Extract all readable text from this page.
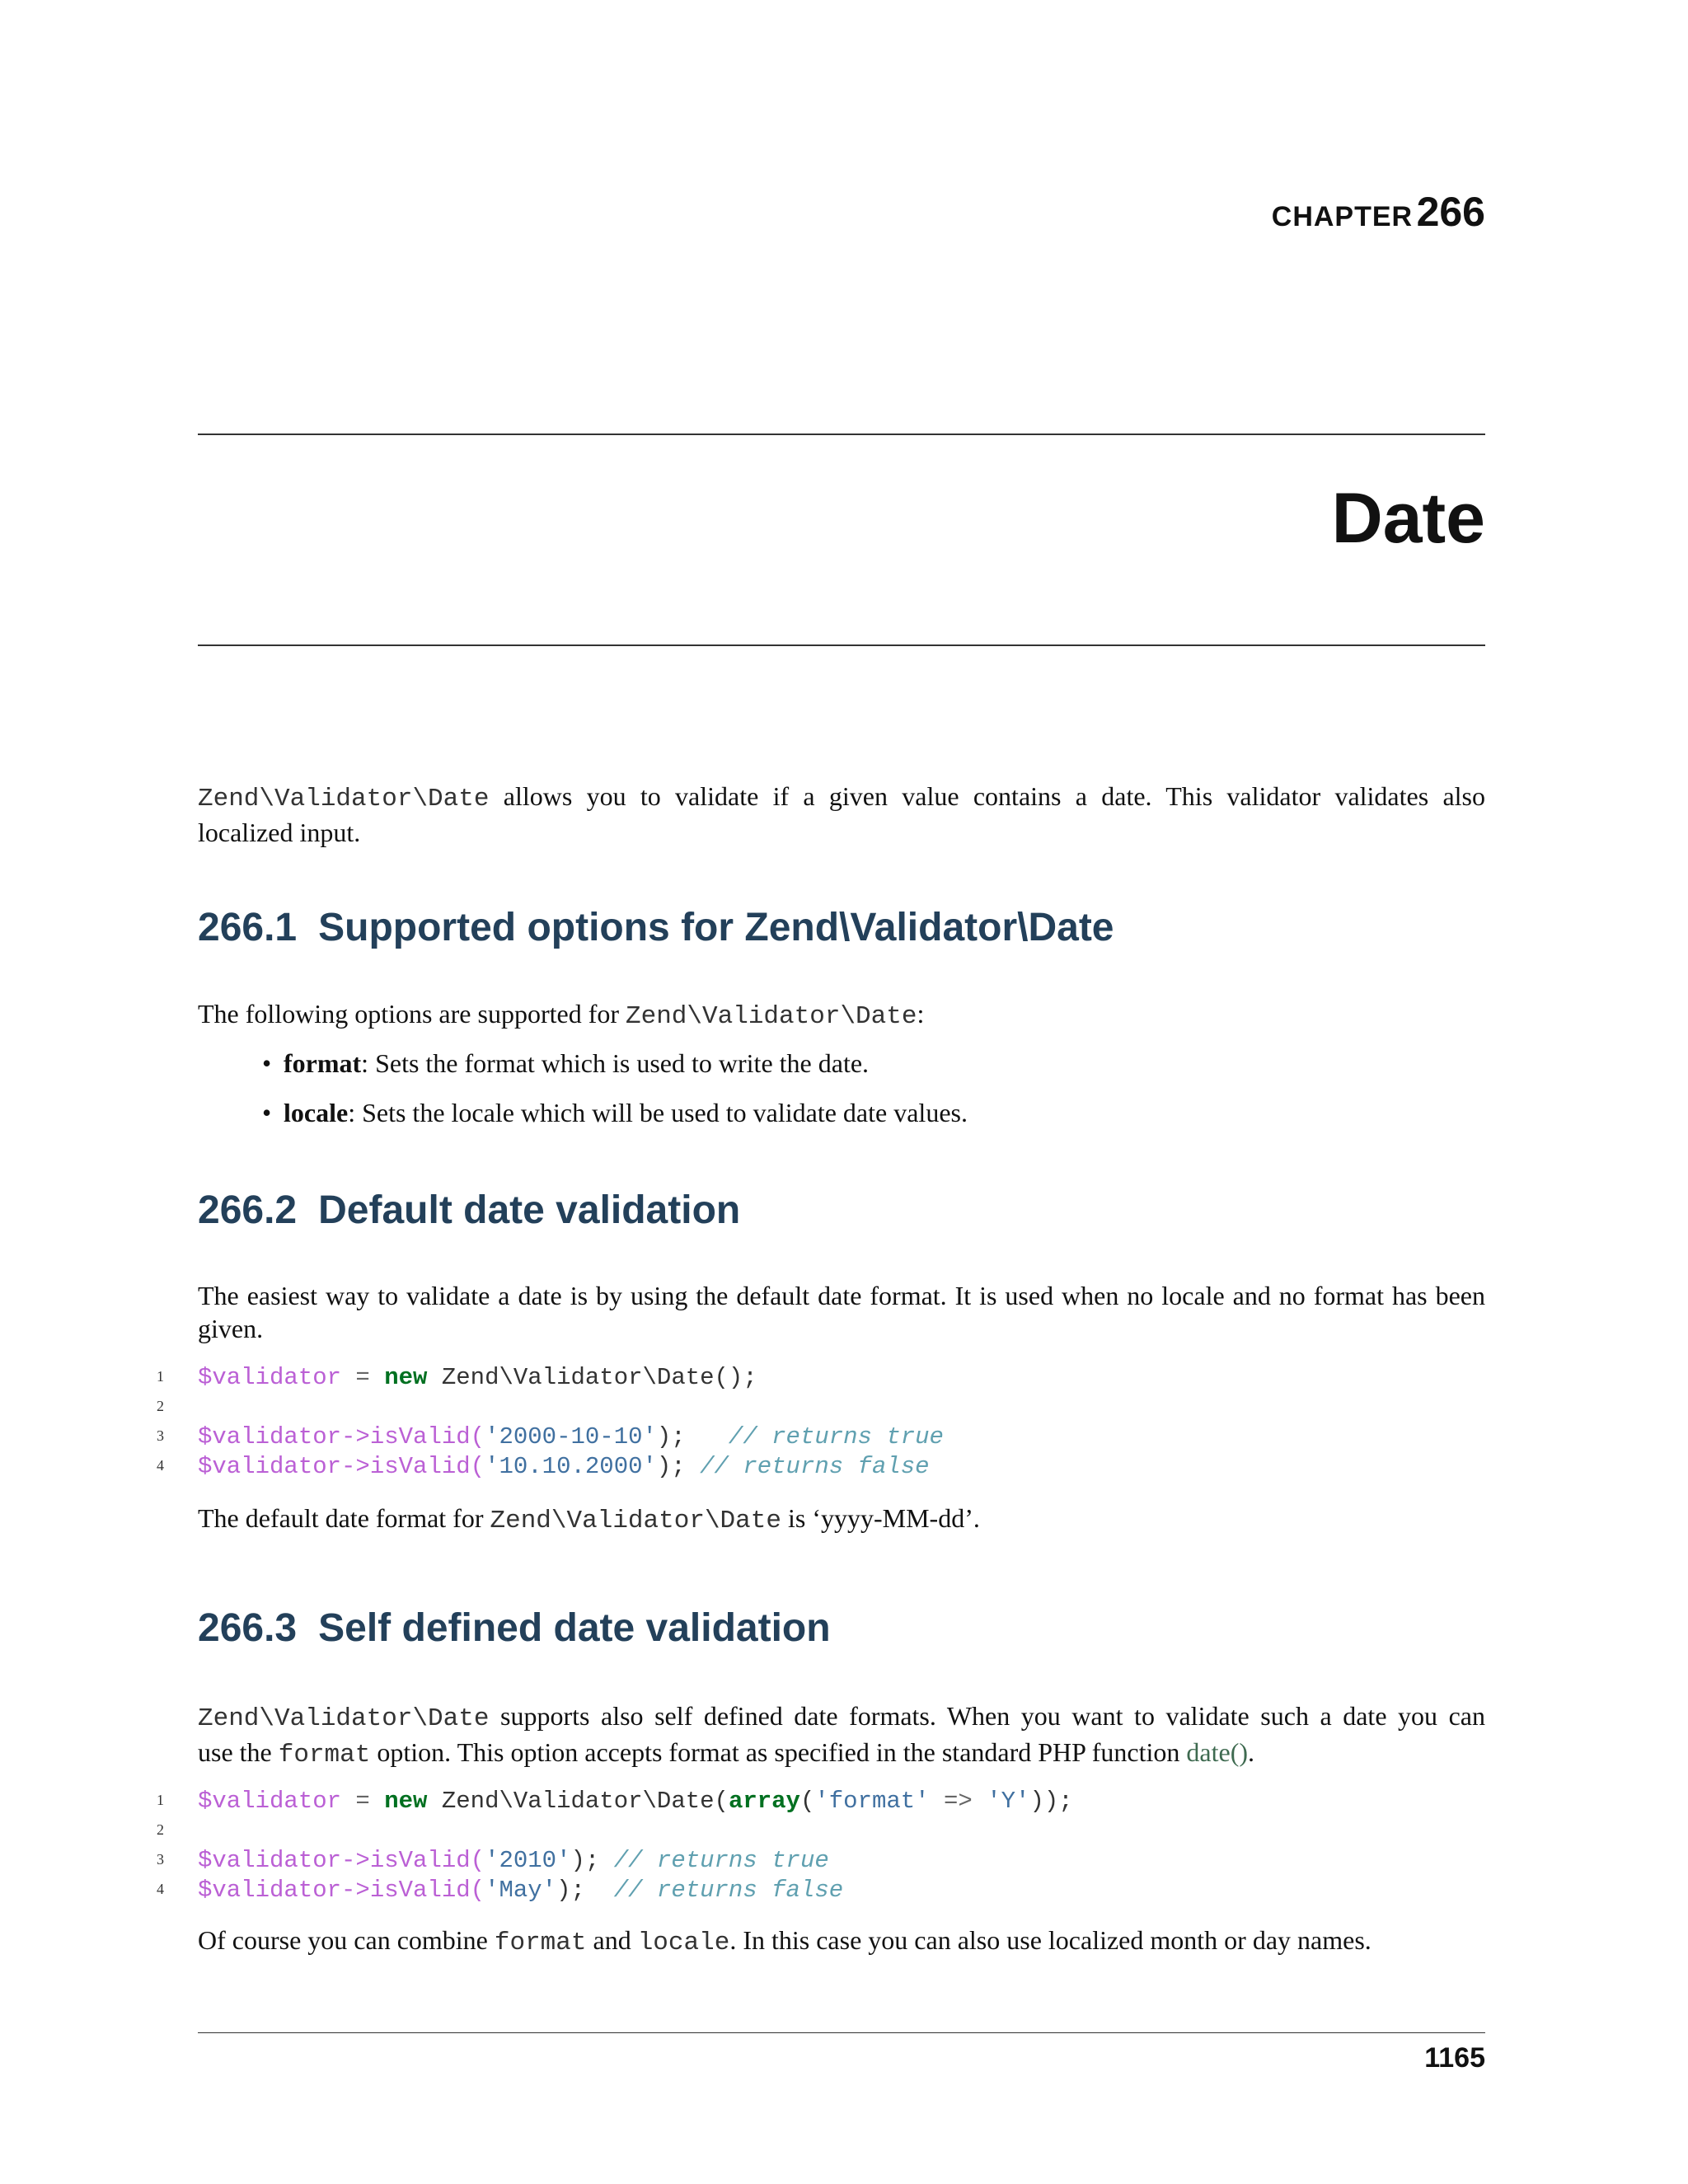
CHAPTER 266
Date
Zend\Validator\Date allows you to validate if a given value contains a date. This validator validates also
localized input.
266.1 Supported options for Zend\Validator\Date
The following options are supported for Zend\Validator\Date:
• format: Sets the format which is used to write the date.
• locale: Sets the locale which will be used to validate date values.
266.2 Default date validation
The easiest way to validate a date is by using the default date format. It is used when no locale and no format has been
given.
1
2
3
4
$validator = new Zend\Validator\Date();
$validator->isValid('2000-10-10');   // returns true
$validator->isValid('10.10.2000'); // returns false
The default date format for Zend\Validator\Date is ‘yyyy-MM-dd’.
266.3 Self defined date validation
Zend\Validator\Date supports also self defined date formats. When you want to validate such a date you can
use the format option. This option accepts format as specified in the standard PHP function date().
1
2
3
4
$validator = new Zend\Validator\Date(array('format' => 'Y'));
$validator->isValid('2010'); // returns true
$validator->isValid('May');  // returns false
Of course you can combine format and locale. In this case you can also use localized month or day names.
1165
